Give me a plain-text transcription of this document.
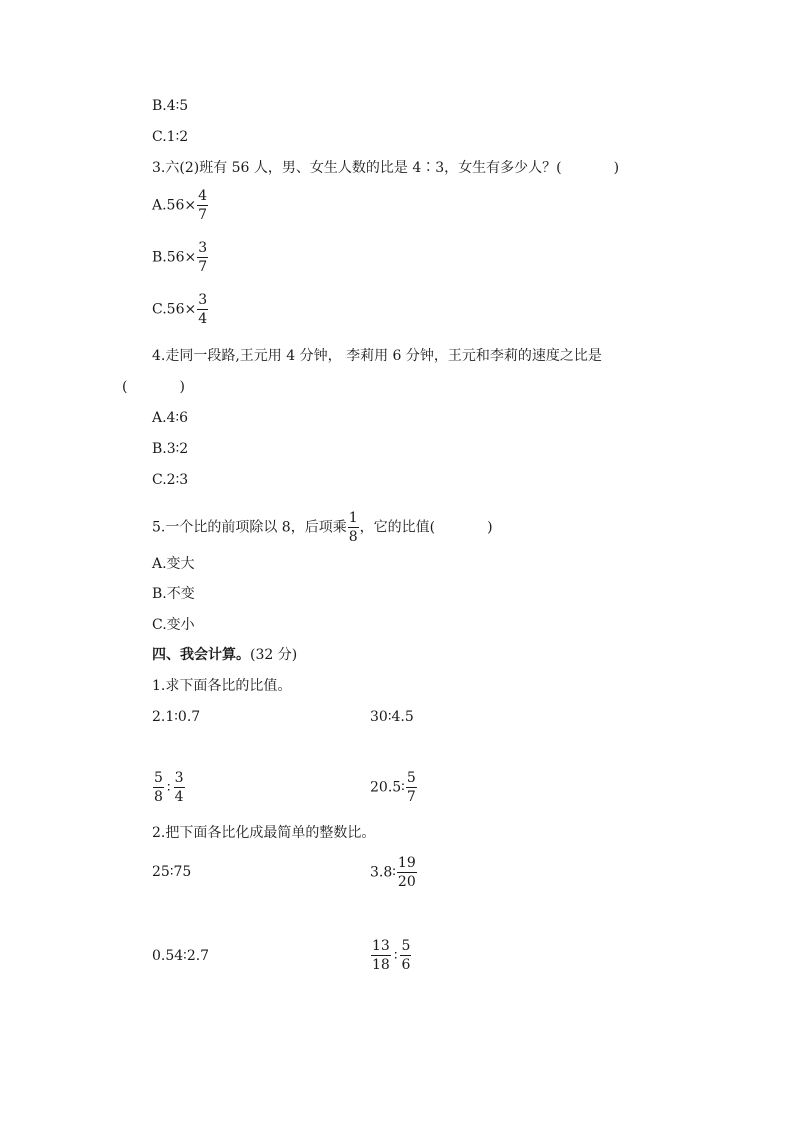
B.4∶5
C.1∶2
3.六(2)班有 56 人，男、女生人数的比是 4∶3，女生有多少人？(	)
$A.56\times \frac{4}{7}$
$B.56\times \frac{3}{7}$
$C.56\times \frac{3}{4}$
4.走同一段路,王元用 4 分钟， 李莉用 6 分钟，王元和李莉的速度之比是
(	)
A.4∶6
B.3∶2
C.2∶3
5.一个比的前项除以 8，后项乘 $\frac{1}{8}$ ，它的比值(	)
A.变大
B.不变
C.变小
四、我会计算。(32 分)
1.求下面各比的比值。
2.1∶0.7	30∶4.5
$\frac{5}{8}$ ∶ $\frac{3}{4}$	20.5∶ $\frac{5}{7}$
2.把下面各比化成最简单的整数比。
25∶75	3.8∶ $\frac{19}{20}$
0.54∶2.7	$\frac{13}{18}$ ∶ $\frac{5}{6}$
